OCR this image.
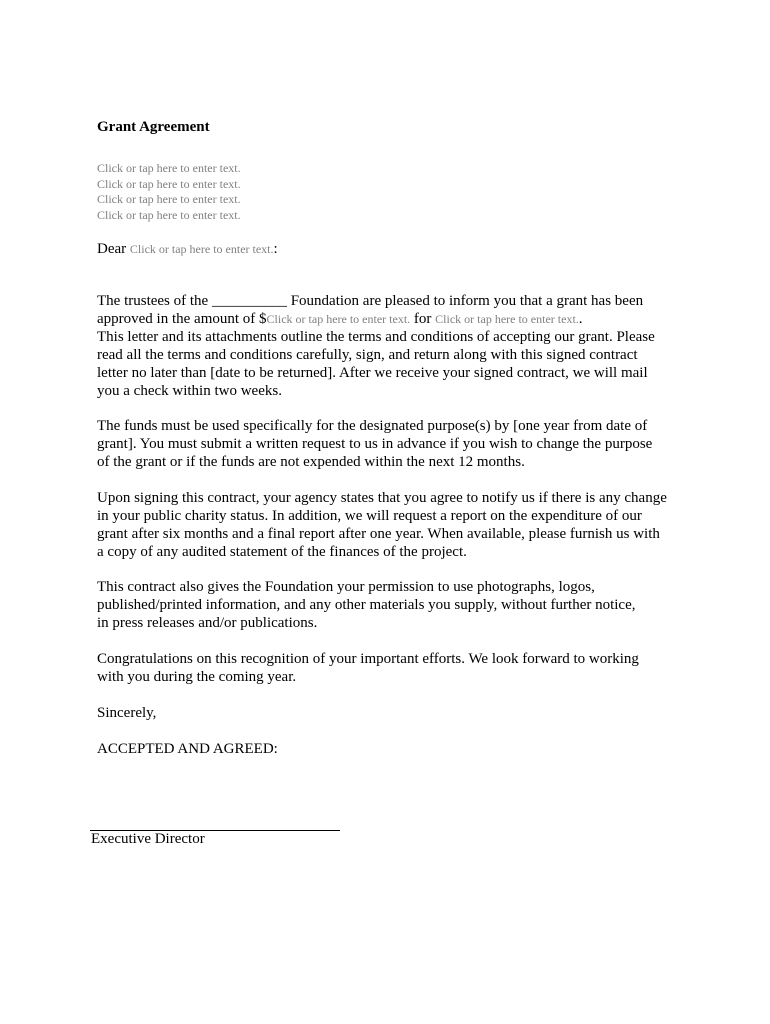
Grant Agreement
Click or tap here to enter text.
Click or tap here to enter text.
Click or tap here to enter text.
Click or tap here to enter text.
Dear Click or tap here to enter text.:
The trustees of the __________ Foundation are pleased to inform you that a grant has been
approved in the amount of $Click or tap here to enter text. for Click or tap here to enter text..
This letter and its attachments outline the terms and conditions of accepting our grant. Please
read all the terms and conditions carefully, sign, and return along with this signed contract
letter no later than [date to be returned]. After we receive your signed contract, we will mail
you a check within two weeks.
The funds must be used specifically for the designated purpose(s) by [one year from date of
grant]. You must submit a written request to us in advance if you wish to change the purpose
of the grant or if the funds are not expended within the next 12 months.
Upon signing this contract, your agency states that you agree to notify us if there is any change
in your public charity status. In addition, we will request a report on the expenditure of our
grant after six months and a final report after one year. When available, please furnish us with
a copy of any audited statement of the finances of the project.
This contract also gives the Foundation your permission to use photographs, logos,
published/printed information, and any other materials you supply, without further notice,
in press releases and/or publications.
Congratulations on this recognition of your important efforts. We look forward to working
with you during the coming year.
Sincerely,
ACCEPTED AND AGREED:
Executive Director
